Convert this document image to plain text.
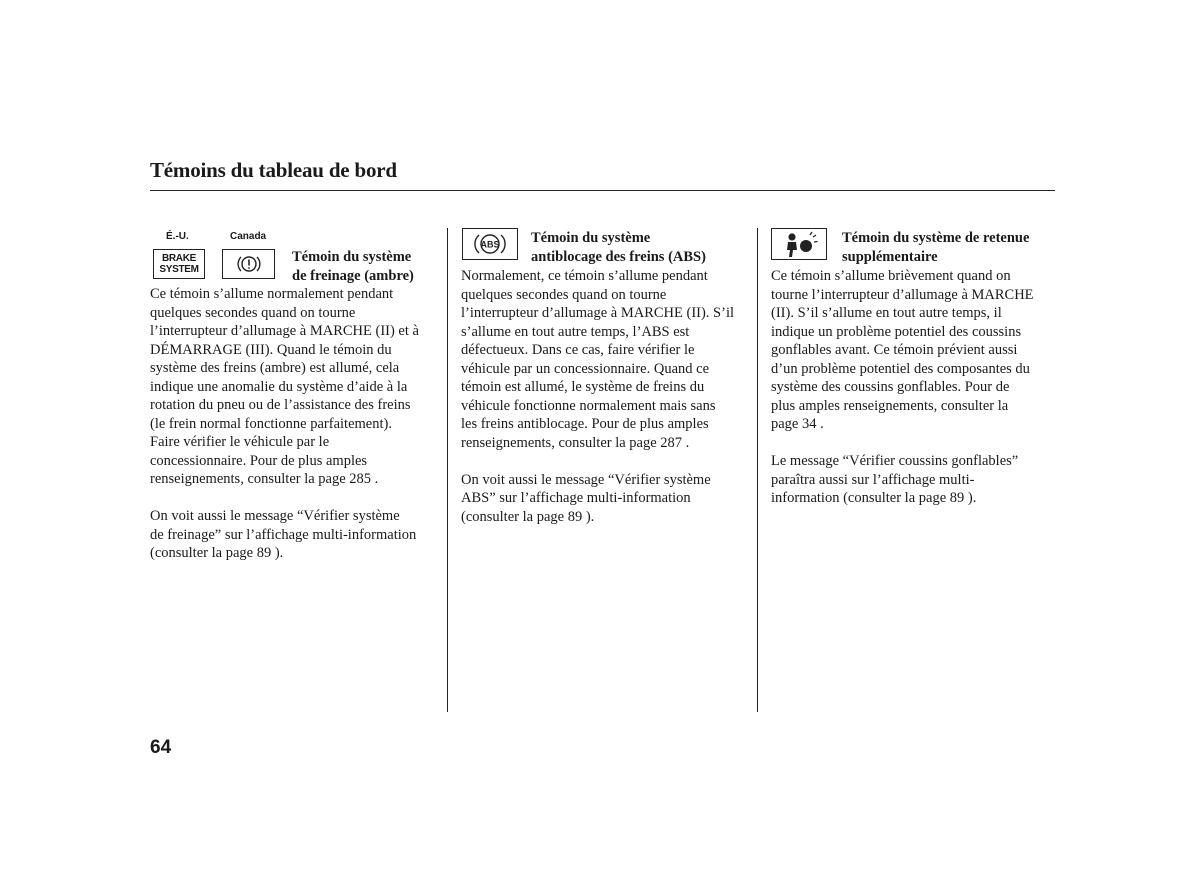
Témoins du tableau de bord
É.-U.	Canada
BRAKE
SYSTEM
Témoin du système
de freinage (ambre)

Ce témoin s’allume normalement pendant

quelques secondes quand on tourne

l’interrupteur d’allumage à MARCHE (II) et à

DÉMARRAGE (III). Quand le témoin du

système des freins (ambre) est allumé, cela

indique une anomalie du système d’aide à la

rotation du pneu ou de l’assistance des freins

(le frein normal fonctionne parfaitement).

Faire vérifier le véhicule par le

concessionnaire. Pour de plus amples

renseignements, consulter la page 285 .

On voit aussi le message “Vérifier système

de freinage” sur l’affichage multi-information

(consulter la page 89 ).

ABS Témoin du système
antiblocage des freins (ABS)

Normalement, ce témoin s’allume pendant

quelques secondes quand on tourne

l’interrupteur d’allumage à MARCHE (II). S’il

s’allume en tout autre temps, l’ABS est

défectueux. Dans ce cas, faire vérifier le

véhicule par un concessionnaire. Quand ce

témoin est allumé, le système de freins du

véhicule fonctionne normalement mais sans

les freins antiblocage. Pour de plus amples

renseignements, consulter la page 287 .

On voit aussi le message “Vérifier système

ABS” sur l’affichage multi-information

(consulter la page 89 ).

Témoin du système de retenue
supplémentaire

Ce témoin s’allume brièvement quand on

tourne l’interrupteur d’allumage à MARCHE

(II). S’il s’allume en tout autre temps, il

indique un problème potentiel des coussins

gonflables avant. Ce témoin prévient aussi

d’un problème potentiel des composantes du

système des coussins gonflables. Pour de

plus amples renseignements, consulter la

page 34 .

Le message “Vérifier coussins gonflables”

paraîtra aussi sur l’affichage multi-

information (consulter la page 89 ).

64
